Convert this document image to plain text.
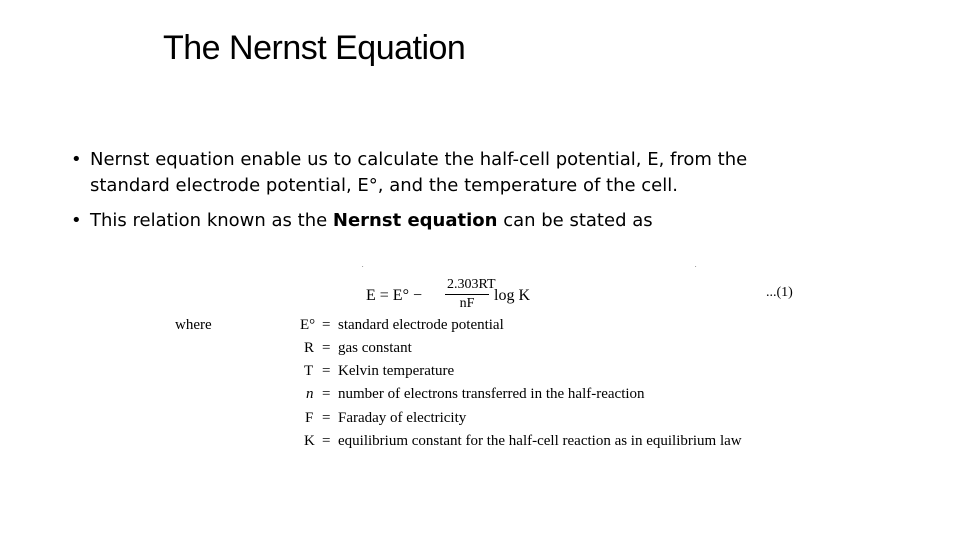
The Nernst Equation
• Nernst equation enable us to calculate the half-cell potential, E, from the standard electrode potential, E°, and the temperature of the cell.
• This relation known as the Nernst equation can be stated as
.	.
$E = E^\circ - \frac{2.303RT}{nF}$ log K	...(1)
where	E° = standard electrode potential
R = gas constant
T = Kelvin temperature
n = number of electrons transferred in the half-reaction
F = Faraday of electricity
K = equilibrium constant for the half-cell reaction as in equilibrium law
